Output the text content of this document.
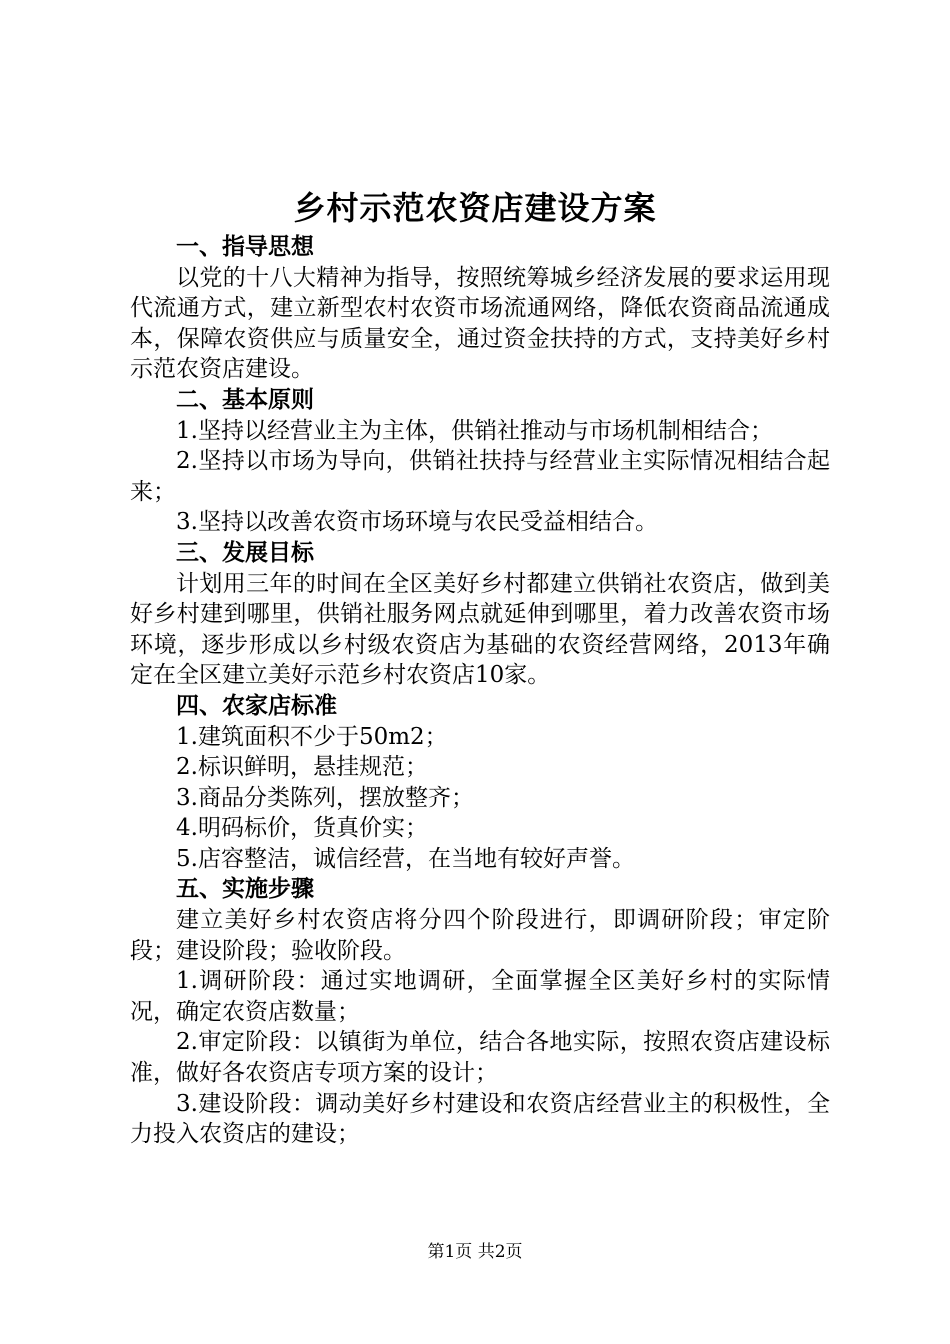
乡村示范农资店建设方案

一、指导思想

以党的十八大精神为指导，按照统筹城乡经济发展的要求运用现代流通方式，建立新型农村农资市场流通网络，降低农资商品流通成本，保障农资供应与质量安全，通过资金扶持的方式，支持美好乡村示范农资店建设。

二、基本原则

1.坚持以经营业主为主体，供销社推动与市场机制相结合；

2.坚持以市场为导向，供销社扶持与经营业主实际情况相结合起来；

3.坚持以改善农资市场环境与农民受益相结合。

三、发展目标

计划用三年的时间在全区美好乡村都建立供销社农资店，做到美好乡村建到哪里，供销社服务网点就延伸到哪里，着力改善农资市场环境，逐步形成以乡村级农资店为基础的农资经营网络，2013年确定在全区建立美好示范乡村农资店10家。

四、农家店标准

1.建筑面积不少于50m2；

2.标识鲜明，悬挂规范；

3.商品分类陈列，摆放整齐；

4.明码标价，货真价实；

5.店容整洁，诚信经营，在当地有较好声誉。

五、实施步骤

建立美好乡村农资店将分四个阶段进行，即调研阶段；审定阶段；建设阶段；验收阶段。

1.调研阶段：通过实地调研，全面掌握全区美好乡村的实际情况，确定农资店数量；

2.审定阶段：以镇街为单位，结合各地实际，按照农资店建设标准，做好各农资店专项方案的设计；

3.建设阶段：调动美好乡村建设和农资店经营业主的积极性，全力投入农资店的建设；

第1页 共2页
